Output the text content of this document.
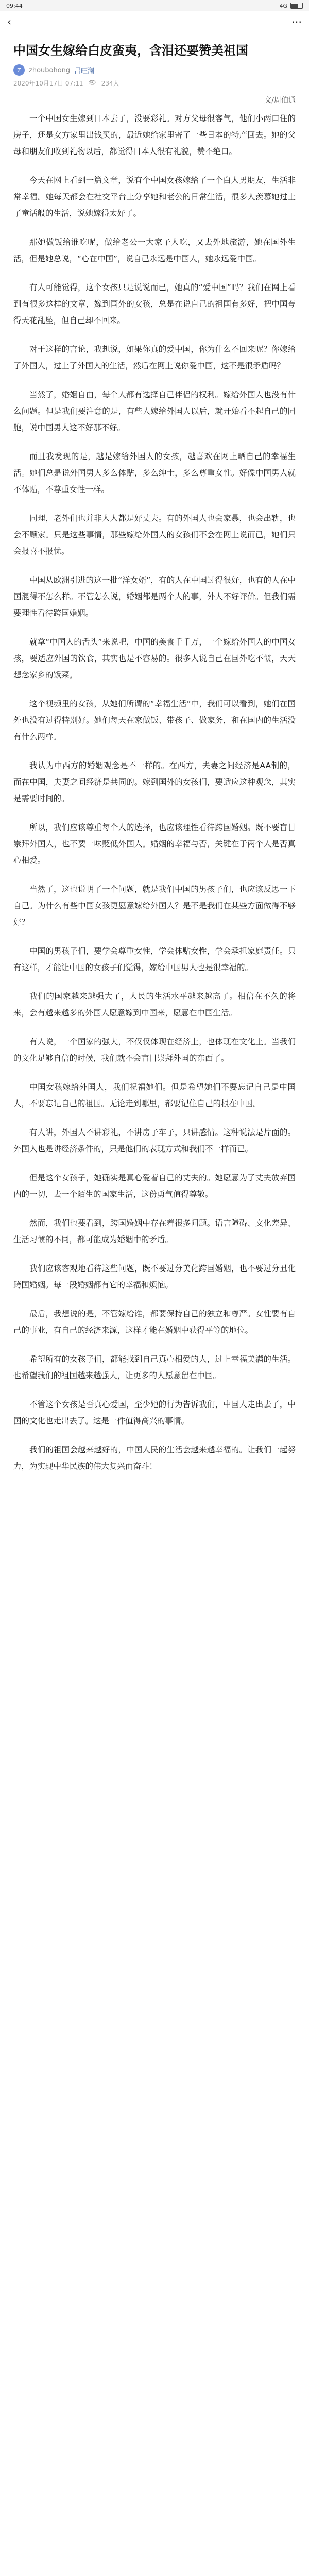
09:44	4G
‹	⋯
中国女生嫁给白皮蛮夷，含泪还要赞美祖国
Z	zhoubohong 昌旺澜
2020年10月17日 07:11 👁 234人
文/周伯通

一个中国女生嫁到日本去了，没要彩礼。对方父母很客气，他们小两口住的房子，还是女方家里出钱买的，最近她给家里寄了一些日本的特产回去。她的父母和朋友们收到礼物以后，都觉得日本人很有礼貌，赞不绝口。

今天在网上看到一篇文章，说有个中国女孩嫁给了一个白人男朋友，生活非常幸福。她每天都会在社交平台上分享她和老公的日常生活，很多人羡慕她过上了童话般的生活，说她嫁得太好了。

那她做饭给谁吃呢，做给老公一大家子人吃，又去外地旅游，她在国外生活，但是她总说，“心在中国”，说自己永远是中国人，她永远爱中国。

有人可能觉得，这个女孩只是说说而已，她真的“爱中国”吗？我们在网上看到有很多这样的文章，嫁到国外的女孩，总是在说自己的祖国有多好，把中国夸得天花乱坠，但自己却不回来。

对于这样的言论，我想说，如果你真的爱中国，你为什么不回来呢？你嫁给了外国人，过上了外国人的生活，然后在网上说你爱中国，这不是很矛盾吗？

当然了，婚姻自由，每个人都有选择自己伴侣的权利。嫁给外国人也没有什么问题。但是我们要注意的是，有些人嫁给外国人以后，就开始看不起自己的同胞，说中国男人这不好那不好。

而且我发现的是，越是嫁给外国人的女孩，越喜欢在网上晒自己的幸福生活。她们总是说外国男人多么体贴，多么绅士，多么尊重女性。好像中国男人就不体贴，不尊重女性一样。

同理，老外们也并非人人都是好丈夫。有的外国人也会家暴，也会出轨，也会不顾家。只是这些事情，那些嫁给外国人的女孩们不会在网上说而已，她们只会报喜不报忧。

中国从欧洲引进的这一批“洋女婿”，有的人在中国过得很好，也有的人在中国混得不怎么样。不管怎么说，婚姻都是两个人的事，外人不好评价。但我们需要理性看待跨国婚姻。

就拿“中国人的舌头”来说吧，中国的美食千千万，一个嫁给外国人的中国女孩，要适应外国的饮食，其实也是不容易的。很多人说自己在国外吃不惯，天天想念家乡的饭菜。

这个视频里的女孩，从她们所谓的“幸福生活”中，我们可以看到，她们在国外也没有过得特别好。她们每天在家做饭、带孩子、做家务，和在国内的生活没有什么两样。

我认为中西方的婚姻观念是不一样的。在西方，夫妻之间经济是AA制的，而在中国，夫妻之间经济是共同的。嫁到国外的女孩们，要适应这种观念，其实是需要时间的。

所以，我们应该尊重每个人的选择，也应该理性看待跨国婚姻。既不要盲目崇拜外国人，也不要一味贬低外国人。婚姻的幸福与否，关键在于两个人是否真心相爱。

当然了，这也说明了一个问题，就是我们中国的男孩子们，也应该反思一下自己。为什么有些中国女孩更愿意嫁给外国人？是不是我们在某些方面做得不够好？

中国的男孩子们，要学会尊重女性，学会体贴女性，学会承担家庭责任。只有这样，才能让中国的女孩子们觉得，嫁给中国男人也是很幸福的。

我们的国家越来越强大了，人民的生活水平越来越高了。相信在不久的将来，会有越来越多的外国人愿意嫁到中国来，愿意在中国生活。

有人说，一个国家的强大，不仅仅体现在经济上，也体现在文化上。当我们的文化足够自信的时候，我们就不会盲目崇拜外国的东西了。

中国女孩嫁给外国人，我们祝福她们。但是希望她们不要忘记自己是中国人，不要忘记自己的祖国。无论走到哪里，都要记住自己的根在中国。

有人讲，外国人不讲彩礼，不讲房子车子，只讲感情。这种说法是片面的。外国人也是讲经济条件的，只是他们的表现方式和我们不一样而已。

但是这个女孩子，她确实是真心爱着自己的丈夫的。她愿意为了丈夫放弃国内的一切，去一个陌生的国家生活，这份勇气值得尊敬。

然而，我们也要看到，跨国婚姻中存在着很多问题。语言障碍、文化差异、生活习惯的不同，都可能成为婚姻中的矛盾。

我们应该客观地看待这些问题，既不要过分美化跨国婚姻，也不要过分丑化跨国婚姻。每一段婚姻都有它的幸福和烦恼。

最后，我想说的是，不管嫁给谁，都要保持自己的独立和尊严。女性要有自己的事业，有自己的经济来源，这样才能在婚姻中获得平等的地位。

希望所有的女孩子们，都能找到自己真心相爱的人，过上幸福美满的生活。也希望我们的祖国越来越强大，让更多的人愿意留在中国。

不管这个女孩是否真心爱国，至少她的行为告诉我们，中国人走出去了，中国的文化也走出去了。这是一件值得高兴的事情。

我们的祖国会越来越好的，中国人民的生活会越来越幸福的。让我们一起努力，为实现中华民族的伟大复兴而奋斗！
